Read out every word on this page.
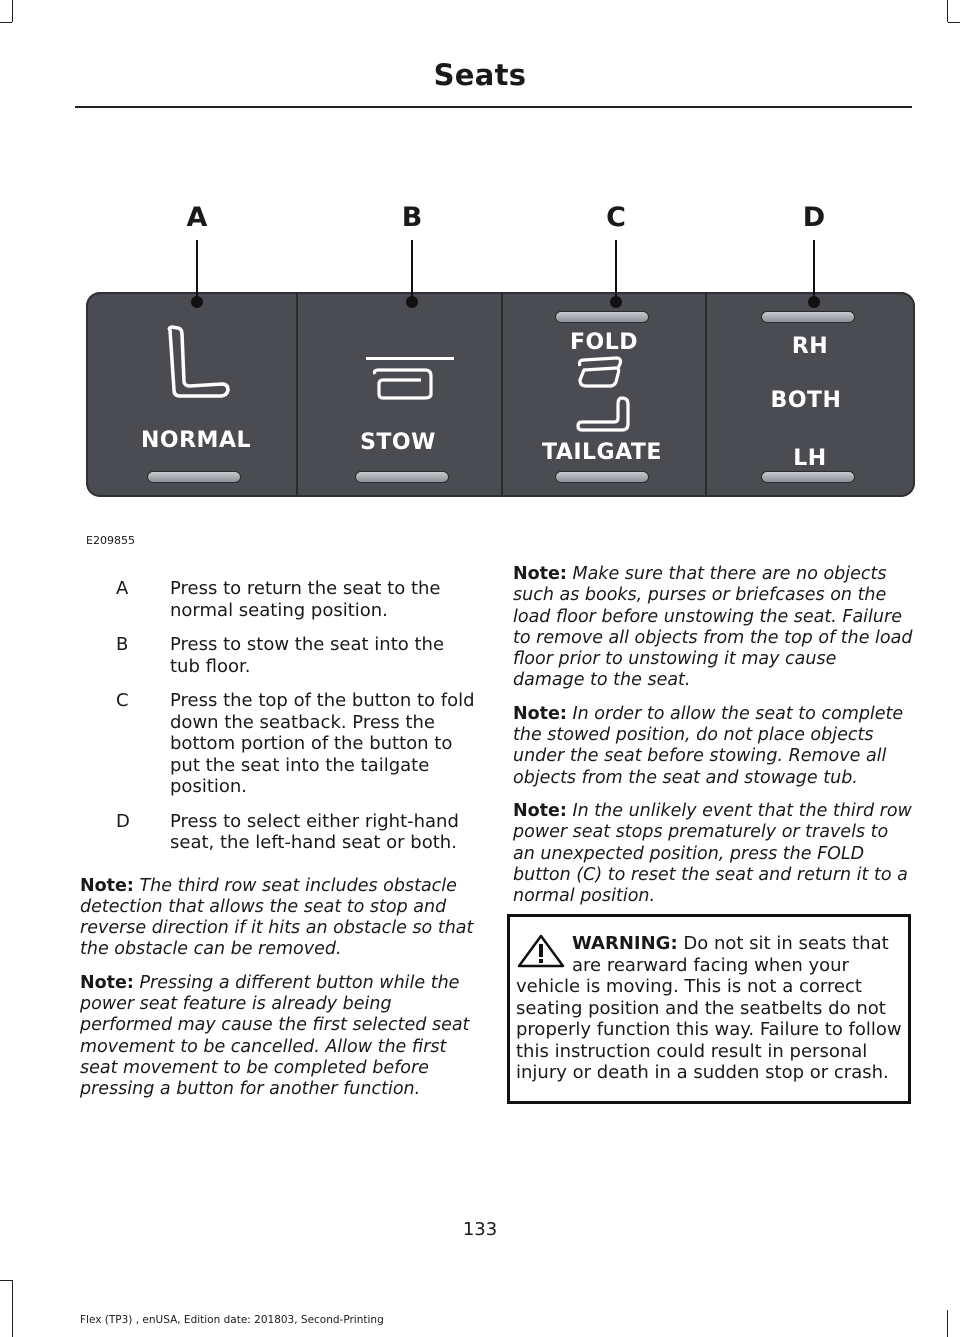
Seats
A	B	C	D
NORMAL	STOW
FOLD
TAILGATE
RH
BOTH
LH
E209855
A	Press to return the seat to the normal seating position.
B	Press to stow the seat into the tub floor.
C	Press the top of the button to fold down the seatback. Press the bottom portion of the button to put the seat into the tailgate position.
D	Press to select either right-hand seat, the left-hand seat or both.

Note: The third row seat includes obstacle detection that allows the seat to stop and reverse direction if it hits an obstacle so that the obstacle can be removed.

Note: Pressing a different button while the power seat feature is already being performed may cause the first selected seat movement to be cancelled. Allow the first seat movement to be completed before pressing a button for another function.

Note: Make sure that there are no objects such as books, purses or briefcases on the load floor before unstowing the seat. Failure to remove all objects from the top of the load floor prior to unstowing it may cause damage to the seat.

Note: In order to allow the seat to complete the stowed position, do not place objects under the seat before stowing. Remove all objects from the seat and stowage tub.

Note: In the unlikely event that the third row power seat stops prematurely or travels to an unexpected position, press the FOLD button (C) to reset the seat and return it to a normal position.

WARNING: Do not sit in seats that are rearward facing when your vehicle is moving. This is not a correct seating position and the seatbelts do not properly function this way. Failure to follow this instruction could result in personal injury or death in a sudden stop or crash.
133
Flex (TP3) , enUSA, Edition date: 201803, Second-Printing
